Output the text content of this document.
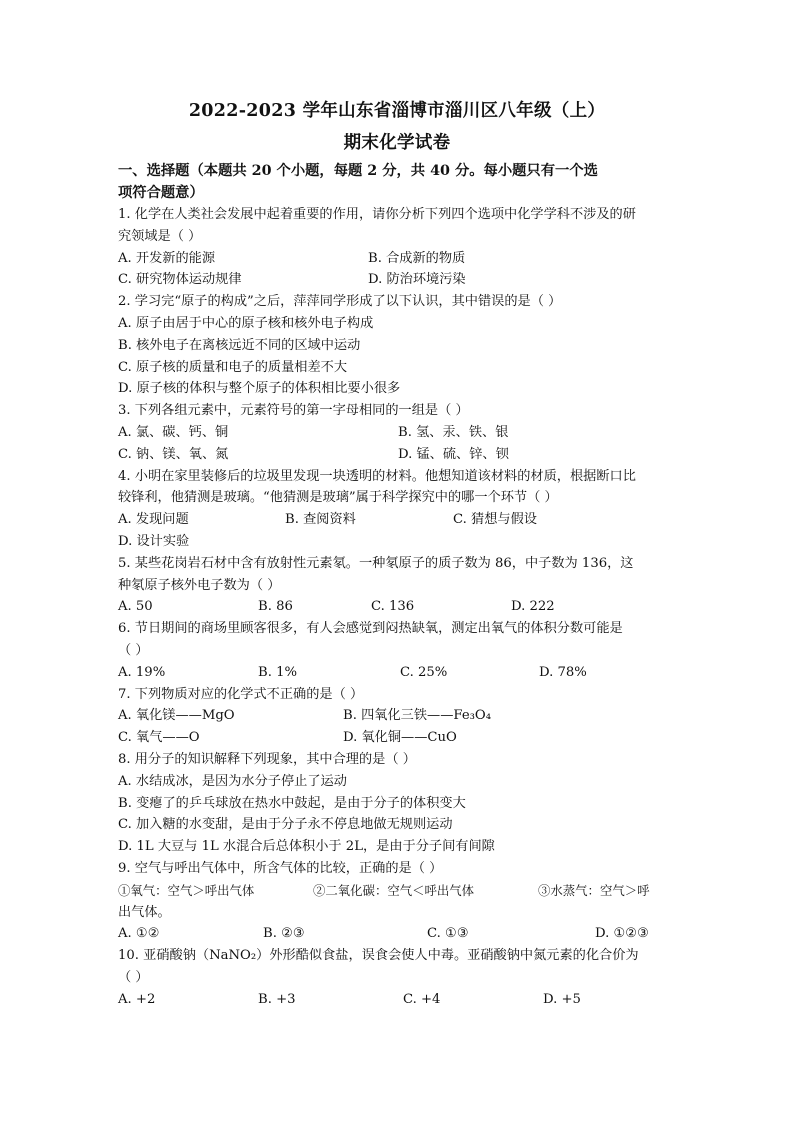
2022-2023 学年山东省淄博市淄川区八年级（上）
期末化学试卷
一、选择题（本题共 20 个小题，每题 2 分，共 40 分。每小题只有一个选
项符合题意）
1. 化学在人类社会发展中起着重要的作用，请你分析下列四个选项中化学学科不涉及的研
究领域是（ ）
A. 开发新的能源	B. 合成新的物质
C. 研究物体运动规律	D. 防治环境污染
2. 学习完“原子的构成”之后，萍萍同学形成了以下认识，其中错误的是（ ）
A. 原子由居于中心的原子核和核外电子构成
B. 核外电子在离核远近不同的区域中运动
C. 原子核的质量和电子的质量相差不大
D. 原子核的体积与整个原子的体积相比要小很多
3. 下列各组元素中，元素符号的第一字母相同的一组是（ ）
A. 氯、碳、钙、铜	B. 氢、汞、铁、银
C. 钠、镁、氧、氮	D. 锰、硫、锌、钡
4. 小明在家里装修后的垃圾里发现一块透明的材料。他想知道该材料的材质，根据断口比
较锋利，他猜测是玻璃。“他猜测是玻璃”属于科学探究中的哪一个环节（ ）
A. 发现问题	B. 查阅资料	C. 猜想与假设
D. 设计实验
5. 某些花岗岩石材中含有放射性元素氡。一种氡原子的质子数为 86，中子数为 136，这
种氡原子核外电子数为（ ）
A. 50	B. 86	C. 136	D. 222
6. 节日期间的商场里顾客很多，有人会感觉到闷热缺氧，测定出氧气的体积分数可能是
（ ）
A. 19%	B. 1%	C. 25%	D. 78%
7. 下列物质对应的化学式不正确的是（ ）
A. 氧化镁——MgO	B. 四氧化三铁——Fe₃O₄
C. 氧气——O	D. 氧化铜——CuO
8. 用分子的知识解释下列现象，其中合理的是（ ）
A. 水结成冰，是因为水分子停止了运动
B. 变瘪了的乒乓球放在热水中鼓起，是由于分子的体积变大
C. 加入糖的水变甜，是由于分子永不停息地做无规则运动
D. 1L 大豆与 1L 水混合后总体积小于 2L，是由于分子间有间隙
9. 空气与呼出气体中，所含气体的比较，正确的是（ ）
①氧气：空气＞呼出气体	②二氧化碳：空气＜呼出气体	③水蒸气：空气＞呼
出气体。
A. ①②	B. ②③	C. ①③	D. ①②③
10. 亚硝酸钠（NaNO₂）外形酷似食盐，误食会使人中毒。亚硝酸钠中氮元素的化合价为
（ ）
A. +2	B. +3	C. +4	D. +5
